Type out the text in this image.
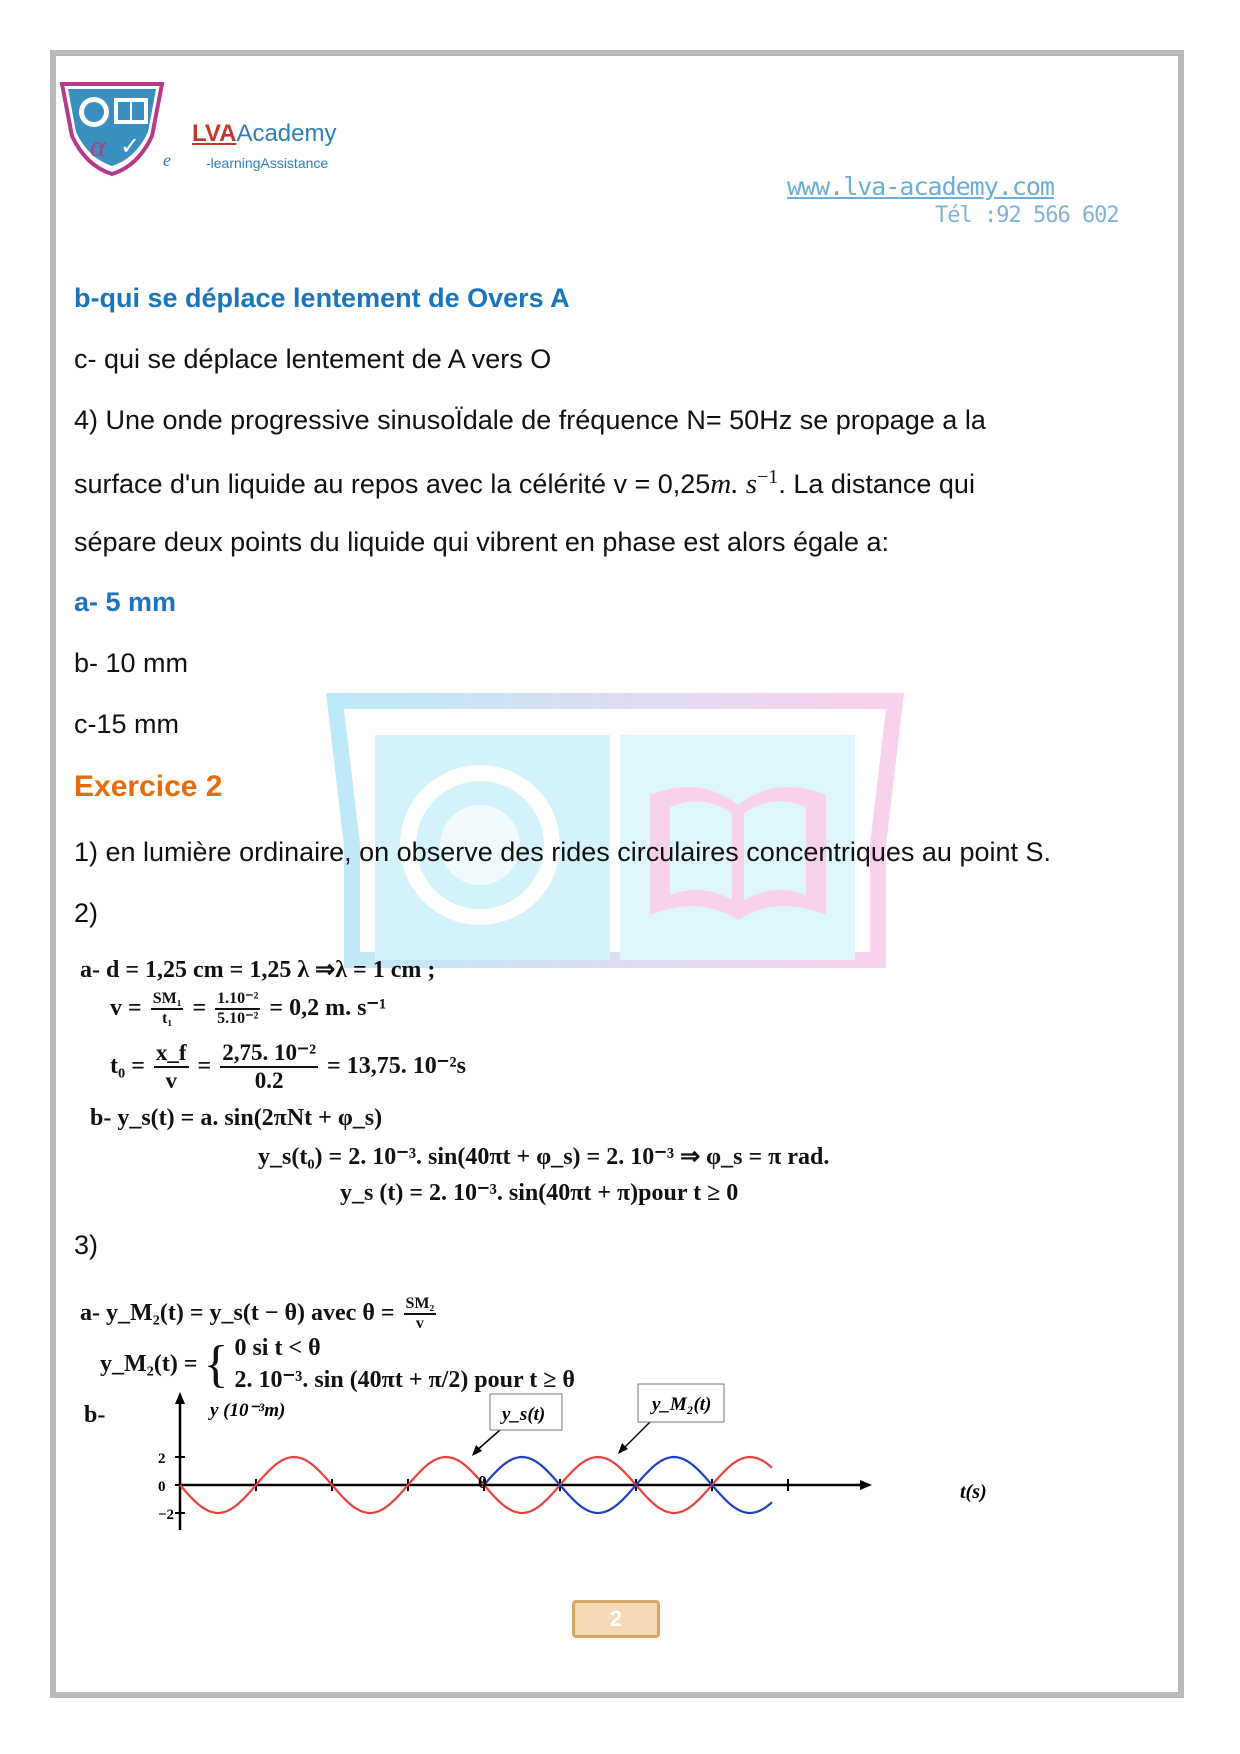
α ✓ LVAAcademy
e	-learningAssistance
www.lva-academy.com
Tél :92 566 602
b-qui se déplace lentement de Overs A
c- qui se déplace lentement de A vers O
4) Une onde progressive sinusoÏdale de fréquence N= 50Hz se propage a la
surface d'un liquide au repos avec la célérité v = 0,25m. $s^{-1}$. La distance qui
sépare deux points du liquide qui vibrent en phase est alors égale a:
a- 5 mm
b- 10 mm
c-15 mm
Exercice 2
1) en lumière ordinaire, on observe des rides circulaires concentriques au point S.
2)
a- d = 1,25 cm = 1,25 λ ⇒λ = 1 cm ;
$v = \frac{\text{SM₁}}{\text{t₁}} = \frac{\text{1.10⁻²}}{\text{5.10⁻²}} = 0,2$ m. s⁻¹
$t_0 = \frac{x\_f}{v} = \frac{\text{2,75. 10⁻²}}{0.2} = 13,75$. 10⁻²s
b- y_s(t) = a. sin(2πNt + φ_s)
y_s(t₀) = 2. 10⁻³. sin(40πt + φ_s) = 2. 10⁻³ ⇒ φ_s = π rad.
y_s (t) = 2. 10⁻³. sin(40πt + π)pour t ≥ 0
3)
a- y_M₂(t) = y_s(t − θ) avec $\theta = \frac{\text{SM₂}}{v}$
y_M₂(t) = { 0 si t < θ
2. 10⁻³. sin (40πt + π/2) pour t ≥ θ
b-	y (10⁻³m)
t(s)
2
0
−2
y_s(t)	y_M₂(t)
θ
2
